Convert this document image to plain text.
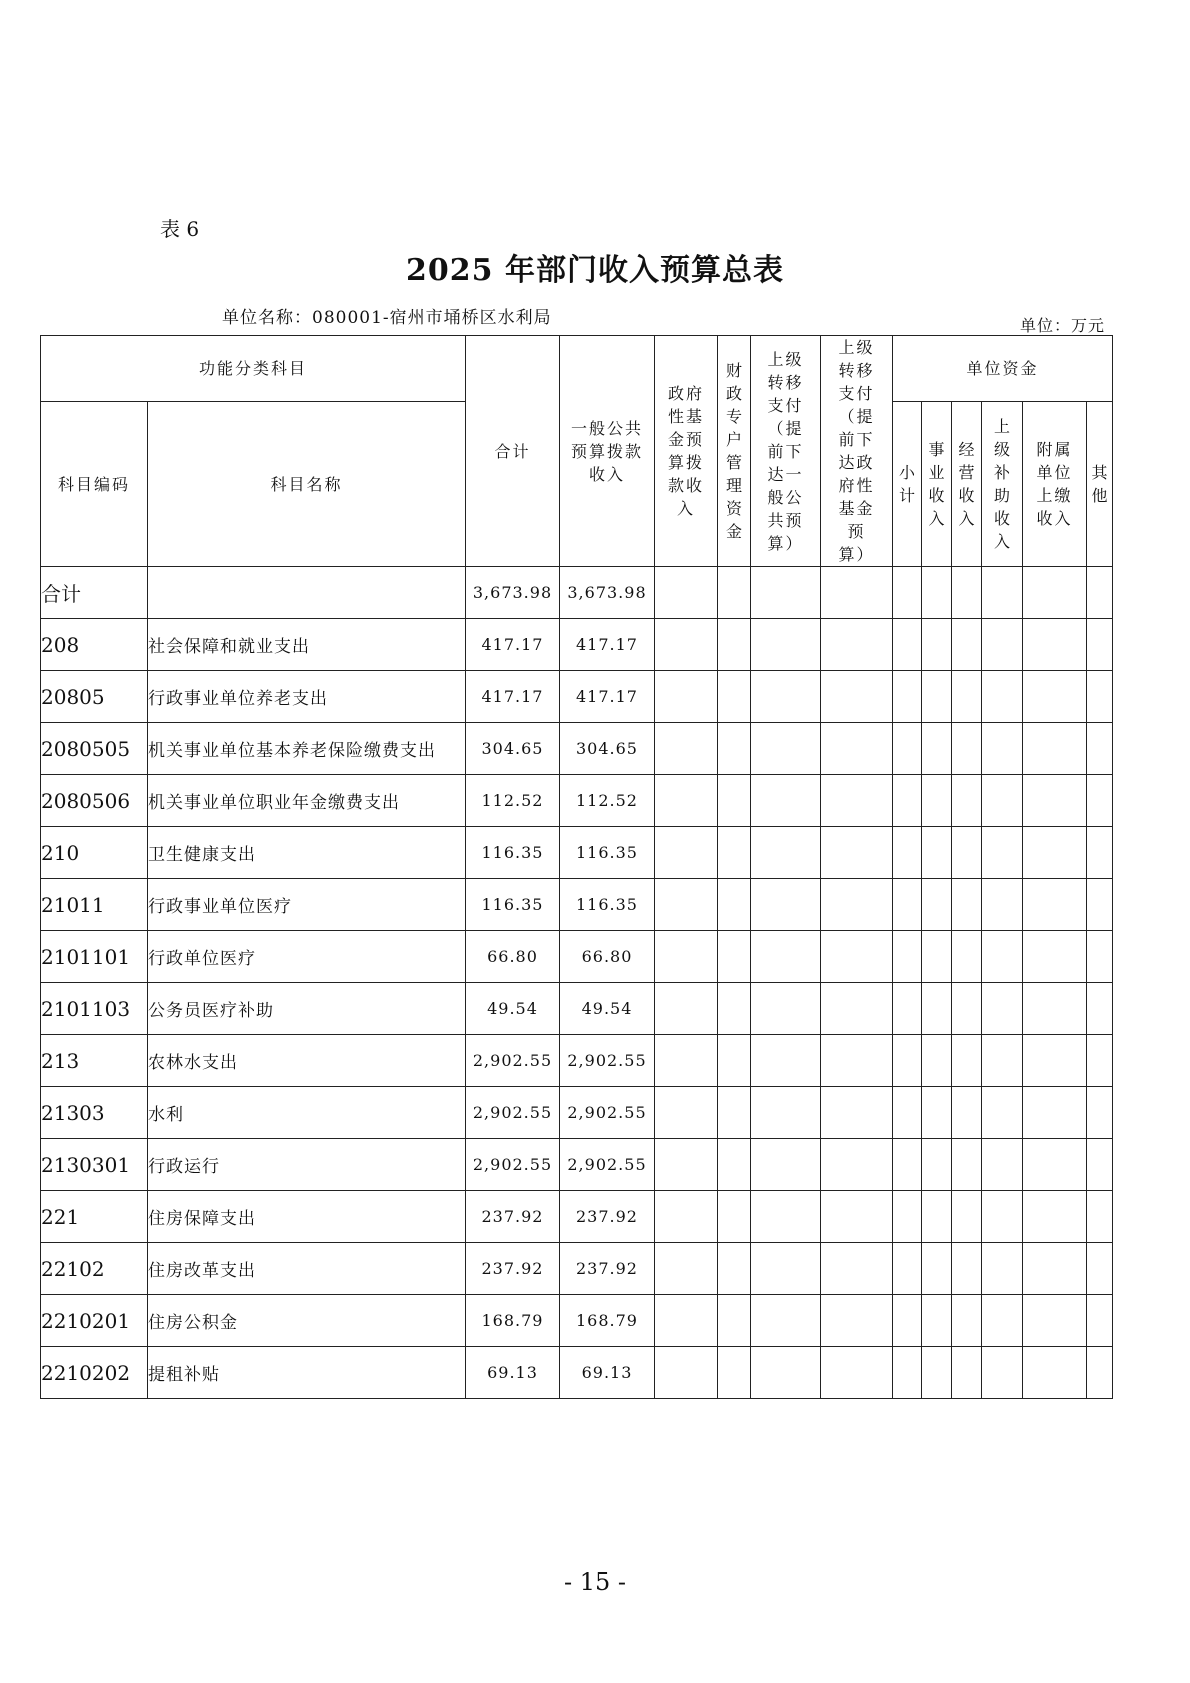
表 6
2025 年部门收入预算总表
单位名称：080001-宿州市埇桥区水利局	单位：万元
功能分类科目		合计	一般公共预算拨款收入	政府性基金预算拨款收入	财政专户管理资金	上级转移支付（提前下达一般公共预算）	上级转移支付（提前下达政府性基金预算）	单位资金					
科目编码	科目名称							小计	事业收入	经营收入	上级补助收入	附属单位上缴收入	其他
合计		3,673.98	3,673.98										
208	社会保障和就业支出	417.17	417.17										
20805	行政事业单位养老支出	417.17	417.17										
2080505	机关事业单位基本养老保险缴费支出	304.65	304.65										
2080506	机关事业单位职业年金缴费支出	112.52	112.52										
210	卫生健康支出	116.35	116.35										
21011	行政事业单位医疗	116.35	116.35										
2101101	行政单位医疗	66.80	66.80										
2101103	公务员医疗补助	49.54	49.54										
213	农林水支出	2,902.55	2,902.55										
21303	水利	2,902.55	2,902.55										
2130301	行政运行	2,902.55	2,902.55										
221	住房保障支出	237.92	237.92										
22102	住房改革支出	237.92	237.92										
2210201	住房公积金	168.79	168.79										
2210202	提租补贴	69.13	69.13										
- 15 -
